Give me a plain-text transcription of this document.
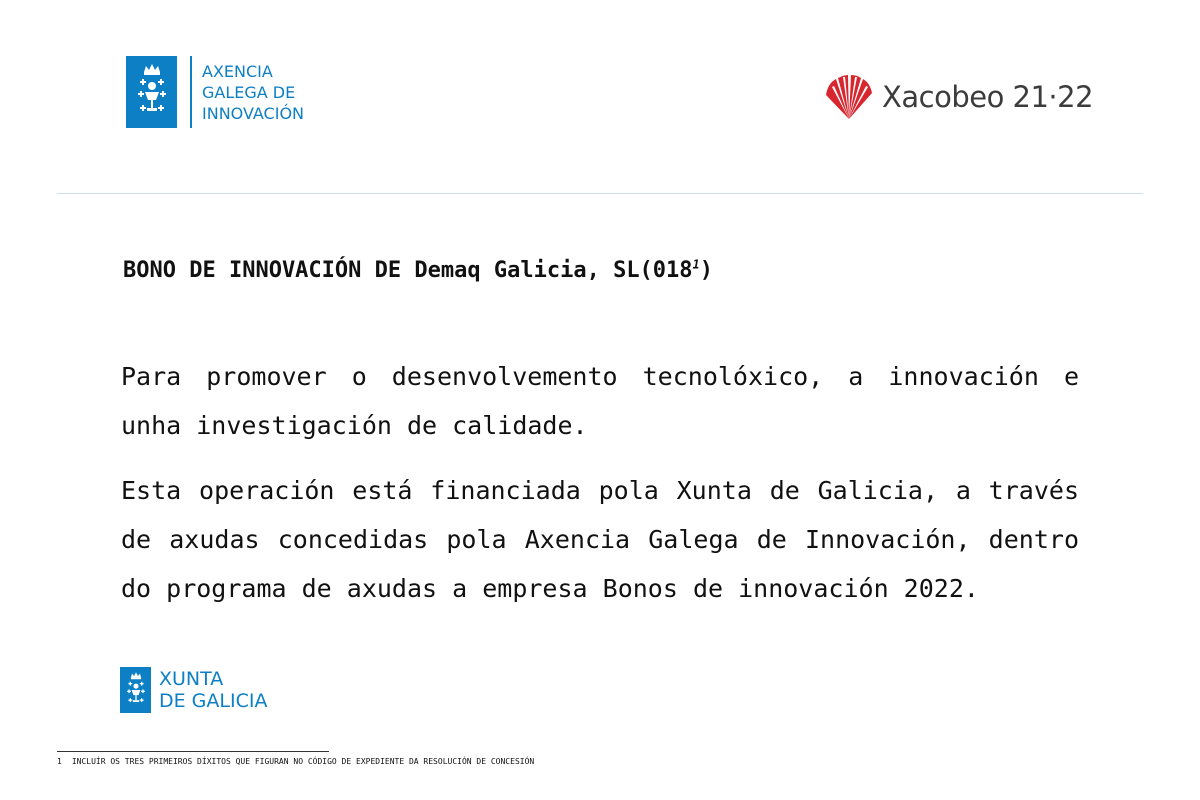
AXENCIA
GALEGA DE
INNOVACIÓN	Xacobeo 21·22
BONO DE INNOVACIÓN DE Demaq Galicia, $SL(018^1)$

Para promover o desenvolvemento tecnolóxico, a innovación e unha investigación de calidade.

Esta operación está financiada pola Xunta de Galicia, a través de axudas concedidas pola Axencia Galega de Innovación, dentro do programa de axudas a empresa Bonos de innovación 2022.

XUNTA
DE GALICIA
1 INCLUÍR OS TRES PRIMEIROS DÍXITOS QUE FIGURAN NO CÓDIGO DE EXPEDIENTE DA RESOLUCIÓN DE CONCESIÓN
